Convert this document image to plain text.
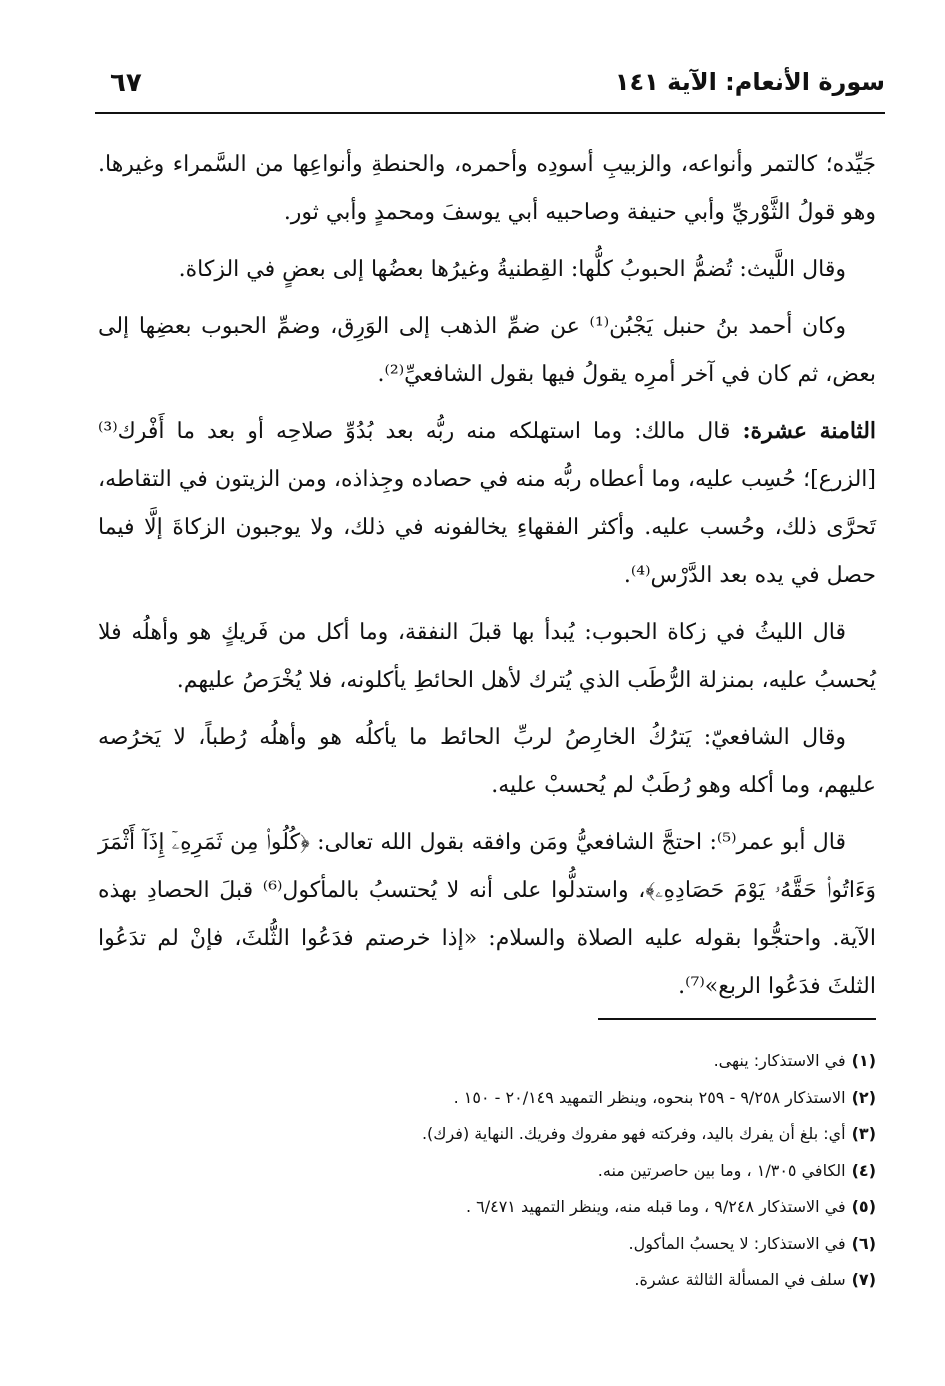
سورة الأنعام: الآية ١٤١
٦٧

جَيِّده؛ كالتمر وأنواعه، والزبيبِ أسودِه وأحمره، والحنطةِ وأنواعِها من السَّمراء وغيرها. وهو قولُ الثَّوْريِّ وأبي حنيفة وصاحبيه أبي يوسفَ ومحمدٍ وأبي ثور.

وقال اللَّيث: تُضمُّ الحبوبُ كلُّها: القِطنيةُ وغيرُها بعضُها إلى بعضٍ في الزكاة.

وكان أحمد بنُ حنبل يَجْبُن⁽¹⁾ عن ضمِّ الذهب إلى الوَرِق، وضمِّ الحبوب بعضِها إلى بعض، ثم كان في آخر أمرِه يقولُ فيها بقول الشافعيِّ⁽²⁾.

الثامنة عشرة: قال مالك: وما استهلكه منه ربُّه بعد بُدُوِّ صلاحِه أو بعد ما أَفْرك⁽³⁾ [الزرع]؛ حُسِب عليه، وما أعطاه ربُّه منه في حصاده وجِذاذه، ومن الزيتون في التقاطه، تَحرَّى ذلك، وحُسب عليه. وأكثر الفقهاءِ يخالفونه في ذلك، ولا يوجبون الزكاةَ إلَّا فيما حصل في يده بعد الدَّرْس⁽⁴⁾.

قال الليثُ في زكاة الحبوب: يُبدأ بها قبلَ النفقة، وما أكل من فَريكٍ هو وأهلُه فلا يُحسبُ عليه، بمنزلة الرُّطَب الذي يُترك لأهل الحائطِ يأكلونه، فلا يُخْرَصُ عليهم.

وقال الشافعيّ: يَترُكُ الخارِصُ لربِّ الحائط ما يأكلُه هو وأهلُه رُطباً، لا يَخرُصه عليهم، وما أكله وهو رُطَبٌ لم يُحسبْ عليه.

قال أبو عمر⁽⁵⁾: احتجَّ الشافعيُّ ومَن وافقه بقول الله تعالى: ﴿كُلُوا۟ مِن ثَمَرِهِۦٓ إِذَآ أَثْمَرَ وَءَاتُوا۟ حَقَّهُۥ يَوْمَ حَصَادِهِۦ﴾، واستدلُّوا على أنه لا يُحتسبُ بالمأكول⁽⁶⁾ قبلَ الحصادِ بهذه الآية. واحتجُّوا بقوله عليه الصلاة والسلام: «إذا خرصتم فدَعُوا الثُّلثَ، فإنْ لم تدَعُوا الثلثَ فدَعُوا الربع»⁽⁷⁾.

(١)في الاستذكار: ينهى.
(٢)الاستذكار ٩/٢٥٨ - ٢٥٩ بنحوه، وينظر التمهيد ٢٠/١٤٩ - ١٥٠ .
(٣)أي: بلغ أن يفرك باليد، وفركته فهو مفروك وفريك. النهاية (فرك).
(٤)الكافي ١/٣٠٥ ، وما بين حاصرتين منه.
(٥)في الاستذكار ٩/٢٤٨ ، وما قبله منه، وينظر التمهيد ٦/٤٧١ .
(٦)في الاستذكار: لا يحسبُ المأكول.
(٧)سلف في المسألة الثالثة عشرة.
